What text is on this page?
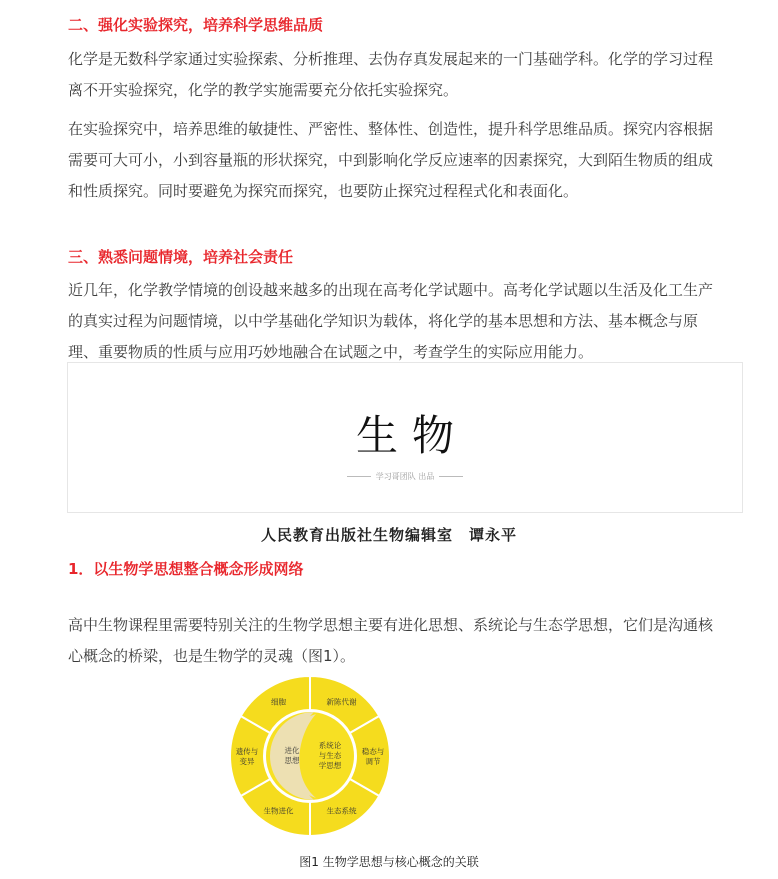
二、强化实验探究，培养科学思维品质
化学是无数科学家通过实验探索、分析推理、去伪存真发展起来的一门基础学科。化学的学习过程
离不开实验探究，化学的教学实施需要充分依托实验探究。
在实验探究中，培养思维的敏捷性、严密性、整体性、创造性，提升科学思维品质。探究内容根据
需要可大可小，小到容量瓶的形状探究，中到影响化学反应速率的因素探究，大到陌生物质的组成
和性质探究。同时要避免为探究而探究，也要防止探究过程程式化和表面化。
三、熟悉问题情境，培养社会责任
近几年，化学教学情境的创设越来越多的出现在高考化学试题中。高考化学试题以生活及化工生产
的真实过程为问题情境，以中学基础化学知识为载体，将化学的基本思想和方法、基本概念与原
理、重要物质的性质与应用巧妙地融合在试题之中，考查学生的实际应用能力。
生物
学习哥团队 出品
人民教育出版社生物编辑室　谭永平
1．以生物学思想整合概念形成网络
高中生物课程里需要特别关注的生物学思想主要有进化思想、系统论与生态学思想，它们是沟通核
心概念的桥梁，也是生物学的灵魂（图1）。
新陈代谢
稳态与
调节
生态系统
生物进化
遗传与
变异
细胞
进化
思想
系统论
与生态
学思想
图1 生物学思想与核心概念的关联
